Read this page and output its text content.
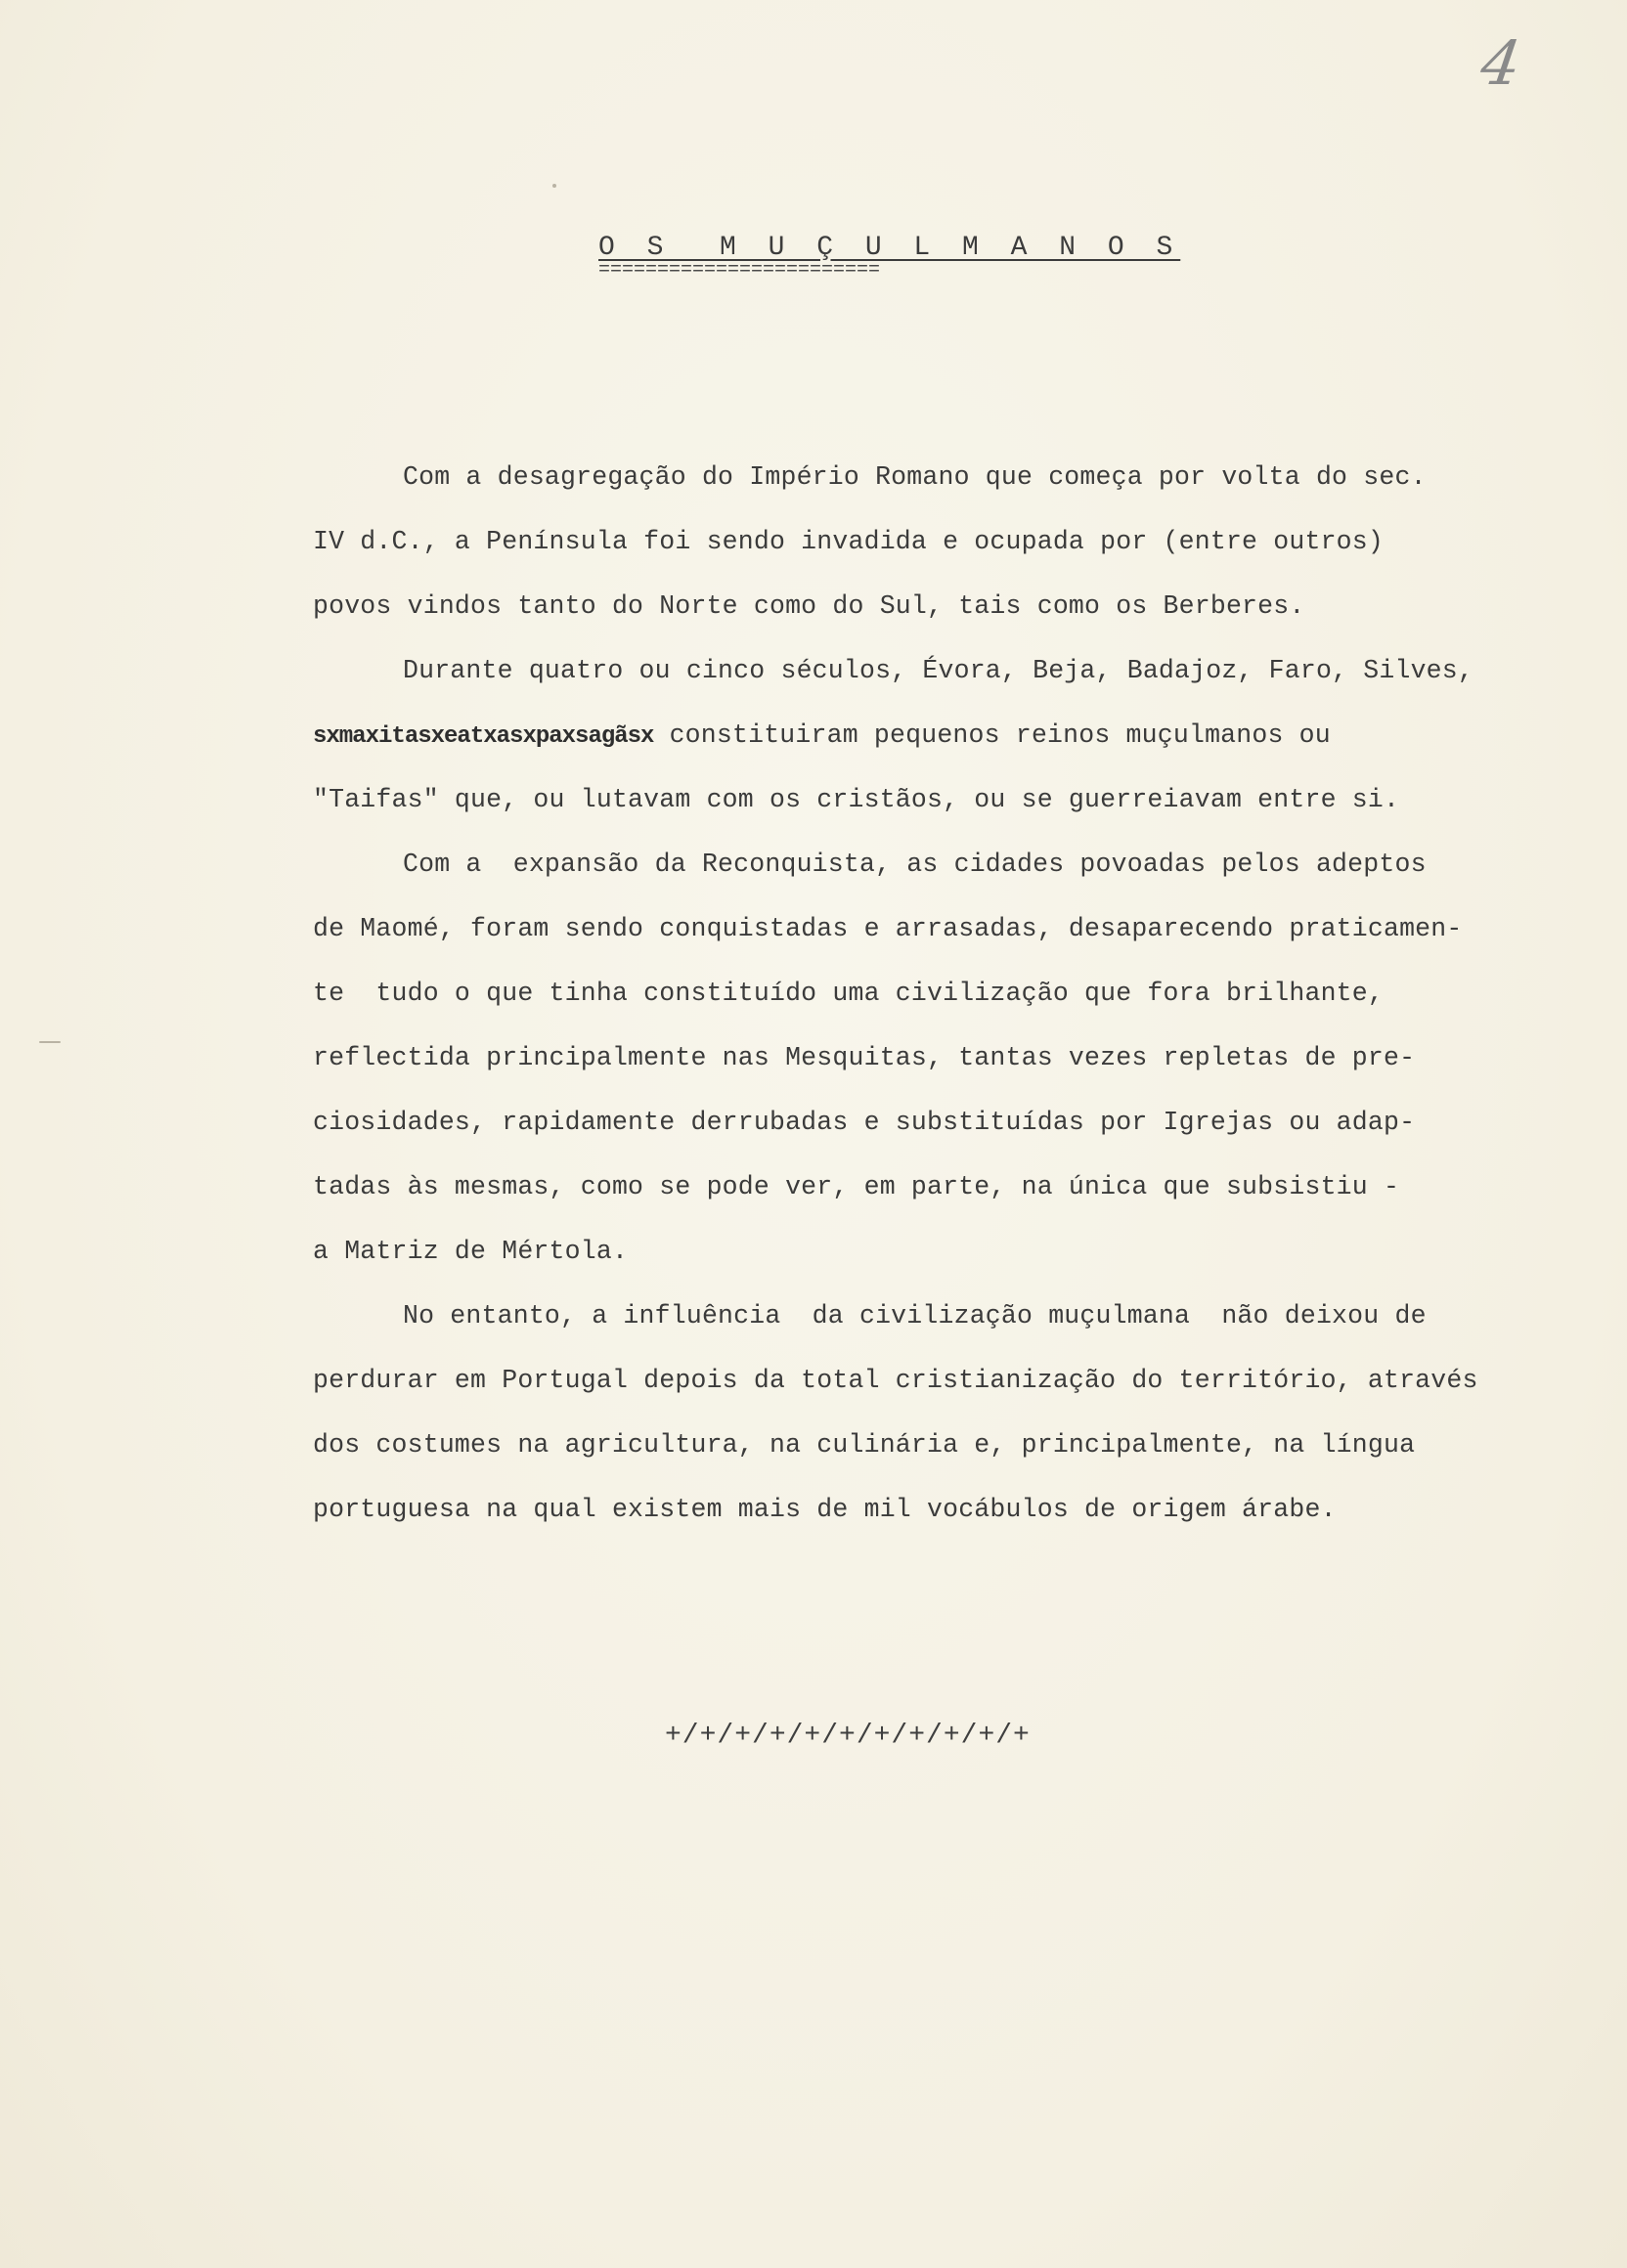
4
O S  M U Ç U L M A N O S
========================
Com a desagregação do Império Romano que começa por volta do sec.
IV d.C., a Península foi sendo invadida e ocupada por (entre outros)
povos vindos tanto do Norte como do Sul, tais como os Berberes.
Durante quatro ou cinco séculos, Évora, Beja, Badajoz, Faro, Silves,
sxmaxitasxeatxasxpaxsagãsx constituiram pequenos reinos muçulmanos ou
"Taifas" que, ou lutavam com os cristãos, ou se guerreiavam entre si.
Com a  expansão da Reconquista, as cidades povoadas pelos adeptos
de Maomé, foram sendo conquistadas e arrasadas, desaparecendo praticamen-
te  tudo o que tinha constituído uma civilização que fora brilhante,
reflectida principalmente nas Mesquitas, tantas vezes repletas de pre-
ciosidades, rapidamente derrubadas e substituídas por Igrejas ou adap-
tadas às mesmas, como se pode ver, em parte, na única que subsistiu -
a Matriz de Mértola.
No entanto, a influência  da civilização muçulmana  não deixou de
perdurar em Portugal depois da total cristianização do território, através
dos costumes na agricultura, na culinária e, principalmente, na língua
portuguesa na qual existem mais de mil vocábulos de origem árabe.
+/+/+/+/+/+/+/+/+/+/+
